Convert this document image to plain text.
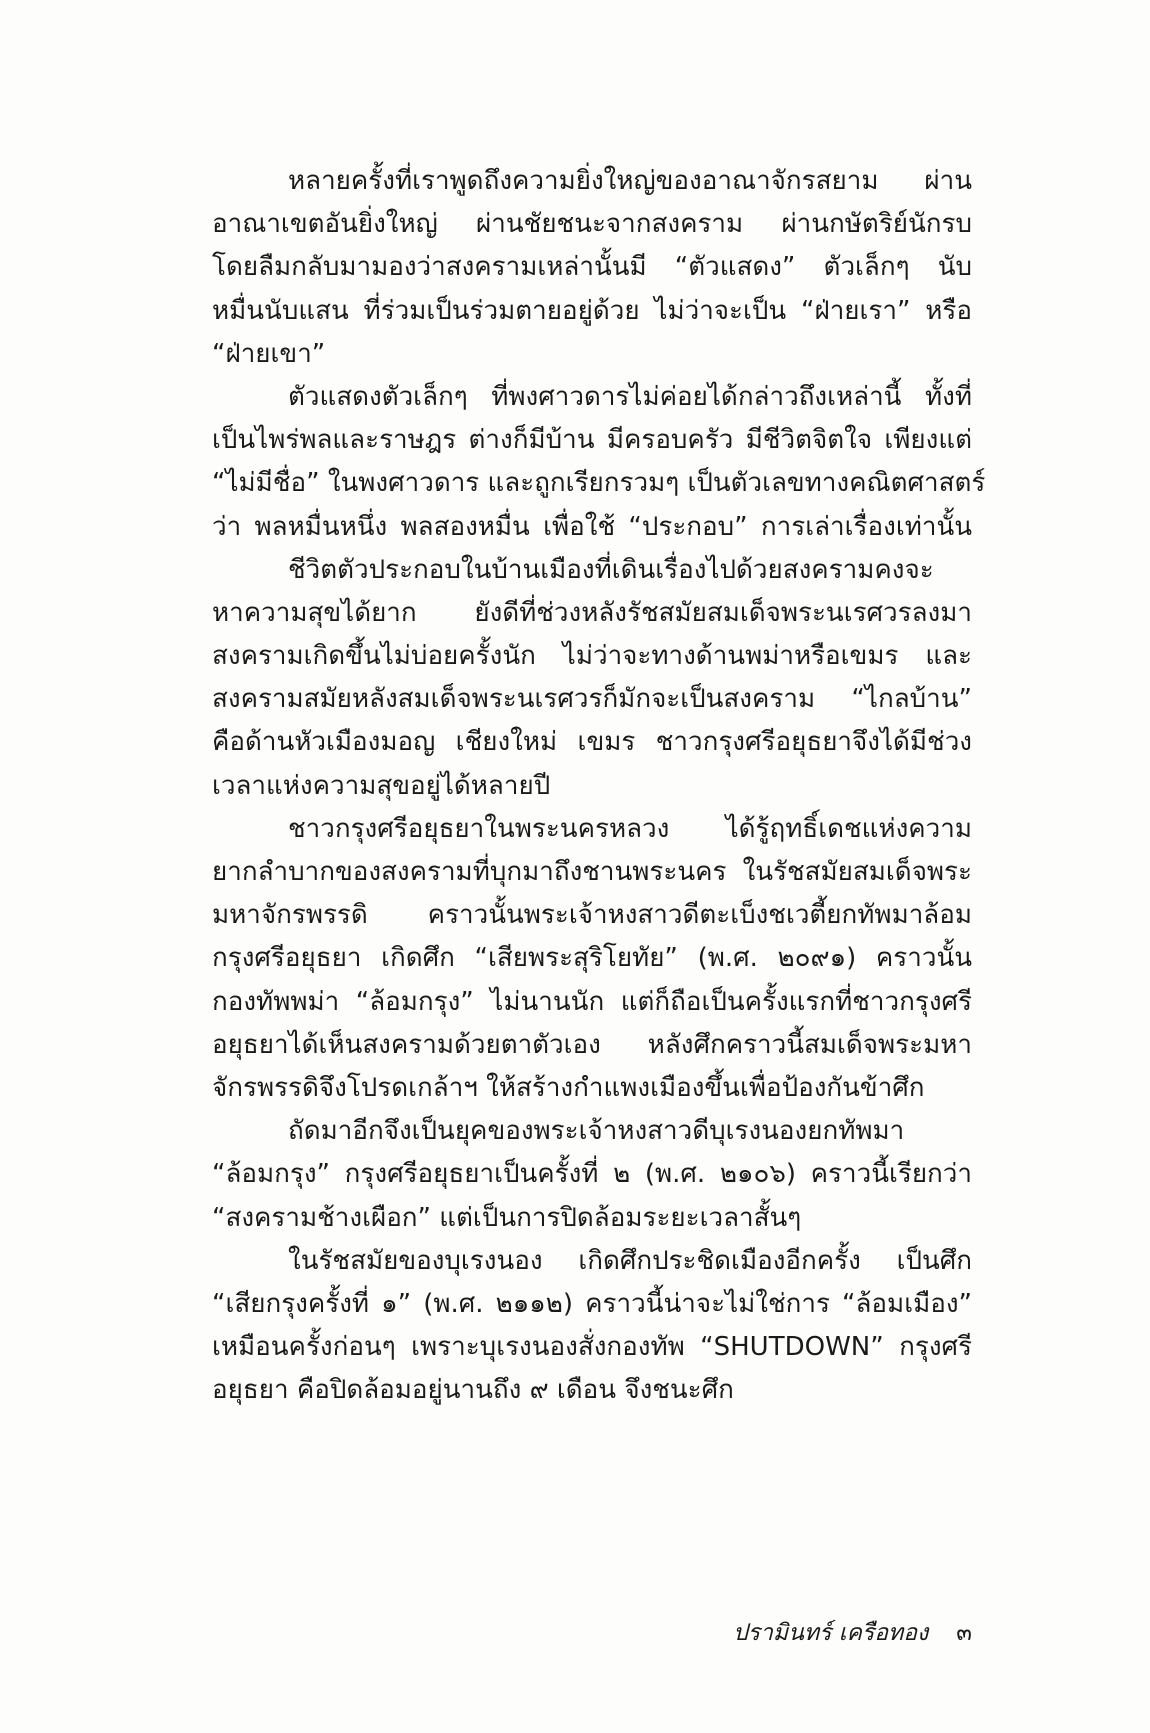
หลายครั้งที่เราพูดถึงความยิ่งใหญ่ของอาณาจักรสยาม ผ่าน
อาณาเขตอันยิ่งใหญ่ ผ่านชัยชนะจากสงคราม ผ่านกษัตริย์นักรบ
โดยลืมกลับมามองว่าสงครามเหล่านั้นมี “ตัวแสดง” ตัวเล็กๆ นับ
หมื่นนับแสน ที่ร่วมเป็นร่วมตายอยู่ด้วย ไม่ว่าจะเป็น “ฝ่ายเรา” หรือ
“ฝ่ายเขา”

ตัวแสดงตัวเล็กๆ ที่พงศาวดารไม่ค่อยได้กล่าวถึงเหล่านี้ ทั้งที่
เป็นไพร่พลและราษฎร ต่างก็มีบ้าน มีครอบครัว มีชีวิตจิตใจ เพียงแต่
“ไม่มีชื่อ” ในพงศาวดาร และถูกเรียกรวมๆ เป็นตัวเลขทางคณิตศาสตร์
ว่า พลหมื่นหนึ่ง พลสองหมื่น เพื่อใช้ “ประกอบ” การเล่าเรื่องเท่านั้น

ชีวิตตัวประกอบในบ้านเมืองที่เดินเรื่องไปด้วยสงครามคงจะ
หาความสุขได้ยาก ยังดีที่ช่วงหลังรัชสมัยสมเด็จพระนเรศวรลงมา
สงครามเกิดขึ้นไม่บ่อยครั้งนัก ไม่ว่าจะทางด้านพม่าหรือเขมร และ
สงครามสมัยหลังสมเด็จพระนเรศวรก็มักจะเป็นสงคราม “ไกลบ้าน”
คือด้านหัวเมืองมอญ เชียงใหม่ เขมร ชาวกรุงศรีอยุธยาจึงได้มีช่วง
เวลาแห่งความสุขอยู่ได้หลายปี

ชาวกรุงศรีอยุธยาในพระนครหลวง ได้รู้ฤทธิ์เดชแห่งความ
ยากลำบากของสงครามที่บุกมาถึงชานพระนคร ในรัชสมัยสมเด็จพระ
มหาจักรพรรดิ คราวนั้นพระเจ้าหงสาวดีตะเบ็งชเวตี้ยกทัพมาล้อม
กรุงศรีอยุธยา เกิดศึก “เสียพระสุริโยทัย” (พ.ศ. ๒๐๙๑) คราวนั้น
กองทัพพม่า “ล้อมกรุง” ไม่นานนัก แต่ก็ถือเป็นครั้งแรกที่ชาวกรุงศรี
อยุธยาได้เห็นสงครามด้วยตาตัวเอง หลังศึกคราวนี้สมเด็จพระมหา
จักรพรรดิจึงโปรดเกล้าฯ ให้สร้างกำแพงเมืองขึ้นเพื่อป้องกันข้าศึก

ถัดมาอีกจึงเป็นยุคของพระเจ้าหงสาวดีบุเรงนองยกทัพมา
“ล้อมกรุง” กรุงศรีอยุธยาเป็นครั้งที่ ๒ (พ.ศ. ๒๑๐๖) คราวนี้เรียกว่า
“สงครามช้างเผือก” แต่เป็นการปิดล้อมระยะเวลาสั้นๆ

ในรัชสมัยของบุเรงนอง เกิดศึกประชิดเมืองอีกครั้ง เป็นศึก
“เสียกรุงครั้งที่ ๑” (พ.ศ. ๒๑๑๒) คราวนี้น่าจะไม่ใช่การ “ล้อมเมือง”
เหมือนครั้งก่อนๆ เพราะบุเรงนองสั่งกองทัพ “SHUTDOWN” กรุงศรี
อยุธยา คือปิดล้อมอยู่นานถึง ๙ เดือน จึงชนะศึก

ปรามินทร์ เครือทอง ๓
